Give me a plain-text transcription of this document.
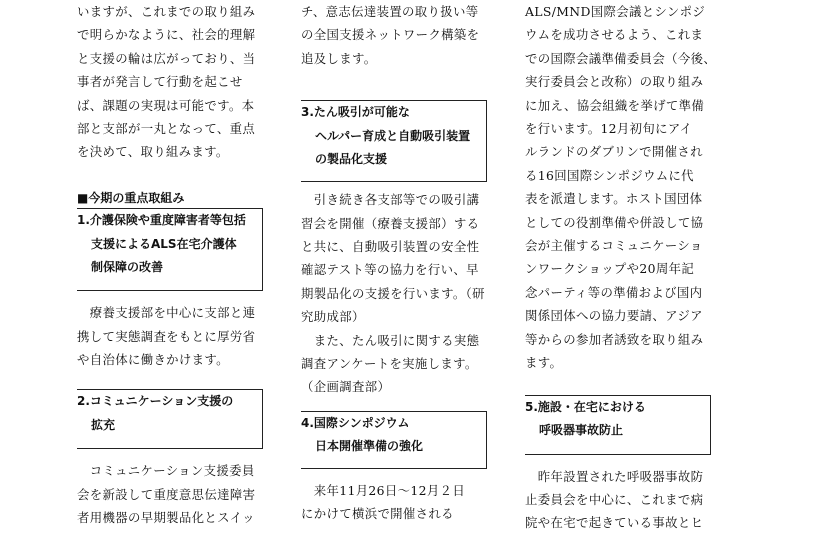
いますが、これまでの取り組み
で明らかなように、社会的理解
と支援の輪は広がっており、当
事者が発言して行動を起こせ
ば、課題の実現は可能です。本
部と支部が一丸となって、重点
を決めて、取り組みます。

■今期の重点取組み

1.介護保険や重度障害者等包括
支援によるALS在宅介護体
制保障の改善

　療養支援部を中心に支部と連
携して実態調査をもとに厚労省
や自治体に働きかけます。

2.コミュニケーション支援の
拡充

　コミュニケーション支援委員
会を新設して重度意思伝達障害
者用機器の早期製品化とスイッ

チ、意志伝達装置の取り扱い等
の全国支援ネットワーク構築を
追及します。

3.たん吸引が可能な
ヘルパー育成と自動吸引装置
の製品化支援

　引き続き各支部等での吸引講
習会を開催（療養支援部）する
と共に、自動吸引装置の安全性
確認テスト等の協力を行い、早
期製品化の支援を行います。（研
究助成部）
　また、たん吸引に関する実態
調査アンケートを実施します。
（企画調査部）

4.国際シンポジウム
日本開催準備の強化

　来年11月26日～12月２日
にかけて横浜で開催される

ALS/MND国際会議とシンポジ
ウムを成功させるよう、これま
での国際会議準備委員会（今後、
実行委員会と改称）の取り組み
に加え、協会組織を挙げて準備
を行います。12月初旬にアイ
ルランドのダブリンで開催され
る16回国際シンポジウムに代
表を派遣します。ホスト国団体
としての役割準備や併設して協
会が主催するコミュニケーショ
ンワークショップや20周年記
念パーティ等の準備および国内
関係団体への協力要請、アジア
等からの参加者誘致を取り組み
ます。

5.施設・在宅における
呼吸器事故防止

　昨年設置された呼吸器事故防
止委員会を中心に、これまで病
院や在宅で起きている事故とヒ
